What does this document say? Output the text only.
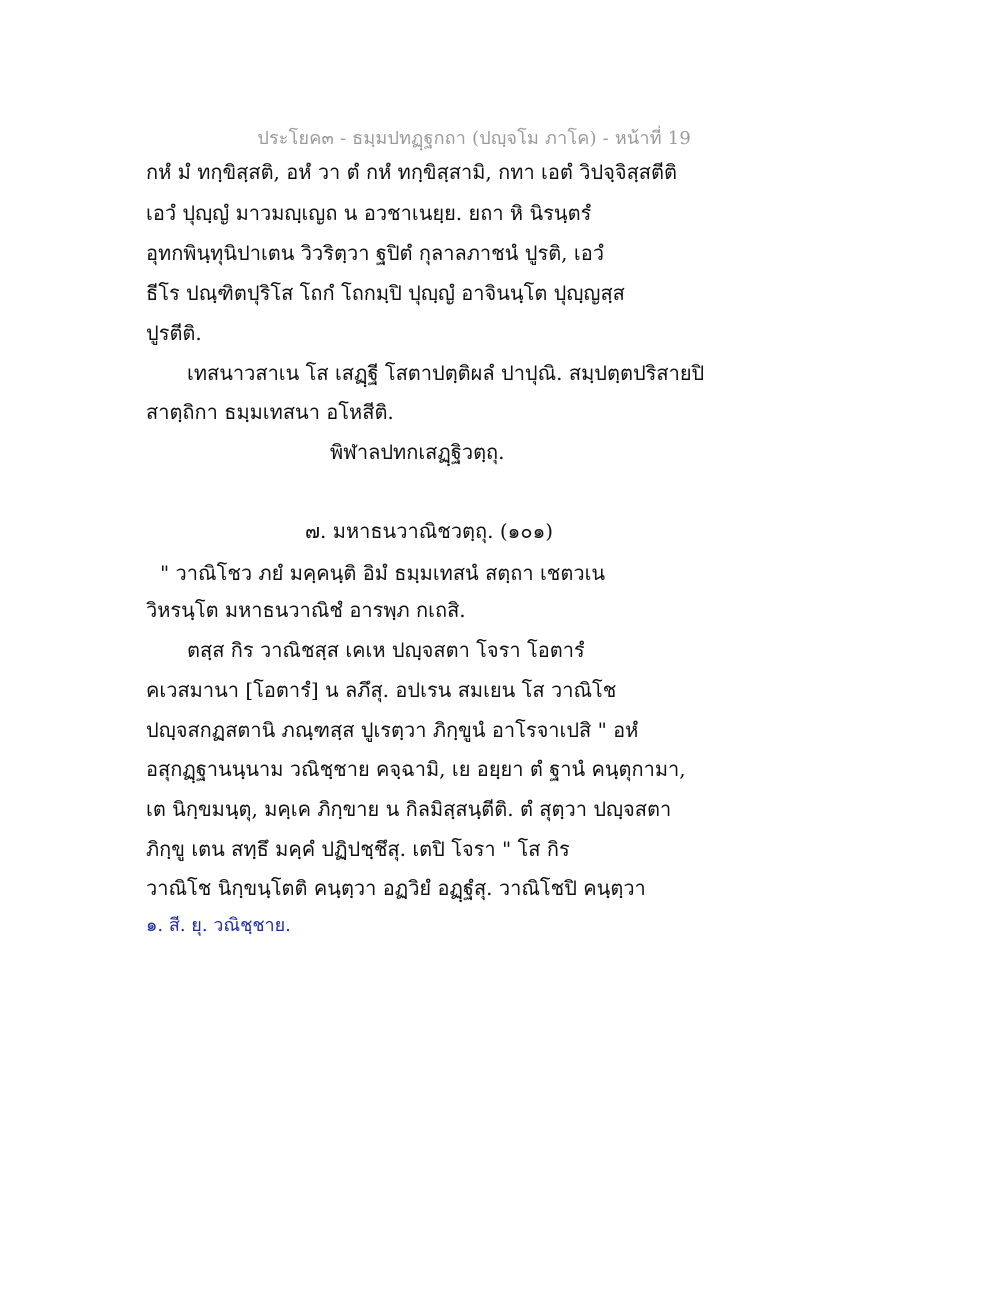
ประโยค๓ - ธมฺมปทฏฺฐกถา (ปญฺจโม ภาโค) - หน้าที่ 19
กหํ มํ ทกฺขิสฺสติ, อหํ วา ตํ กหํ ทกฺขิสฺสามิ, กทา เอตํ วิปจฺจิสฺสตีติ
เอวํ ปุญฺญํ มาวมญฺเญถ น อวชาเนยฺย. ยถา หิ นิรนฺตรํ
อุทกพินฺทุนิปาเตน วิวริตฺวา ฐปิตํ กุลาลภาชนํ ปูรติ, เอวํ
ธีโร ปณฺฑิตปุริโส โถกํ โถกมฺปิ ปุญฺญํ อาจินนฺโต ปุญฺญสฺส
ปูรตีติ.
เทสนาวสาเน โส เสฏฺฐี โสตาปตฺติผลํ ปาปุณิ. สมฺปตฺตปริสายปิ
สาตฺถิกา ธมฺมเทสนา อโหสีติ.
พิฬาลปทกเสฏฺฐิวตฺถุ.
๗. มหาธนวาณิชวตฺถุ. (๑๐๑)
" วาณิโชว ภยํ มคฺคนฺติ อิมํ ธมฺมเทสนํ สตฺถา เชตวเน
วิหรนฺโต มหาธนวาณิชํ อารพฺภ กเถสิ.
ตสฺส กิร วาณิชสฺส เคเห ปญฺจสตา โจรา โอตารํ
คเวสมานา [โอตารํ] น ลภึสุ. อปเรน สมเยน โส วาณิโช
ปญฺจสกฏสตานิ ภณฺฑสฺส ปูเรตฺวา ภิกฺขูนํ อาโรจาเปสิ " อหํ
อสุกฏฺฐานนฺนาม วณิชฺชาย คจฺฉามิ, เย อยฺยา ตํ ฐานํ คนฺตุกามา,
เต นิกฺขมนฺตุ, มคฺเค ภิกฺขาย น กิลมิสฺสนฺตีติ. ตํ สุตฺวา ปญฺจสตา
ภิกฺขู เตน สทฺธึ มคฺคํ ปฏิปชฺชึสุ. เตปิ โจรา " โส กิร
วาณิโช นิกฺขนฺโตติ คนฺตฺวา อฏวิยํ อฏฺฐํสุ. วาณิโชปิ คนฺตฺวา
๑. สี. ยุ. วณิชฺชาย.
